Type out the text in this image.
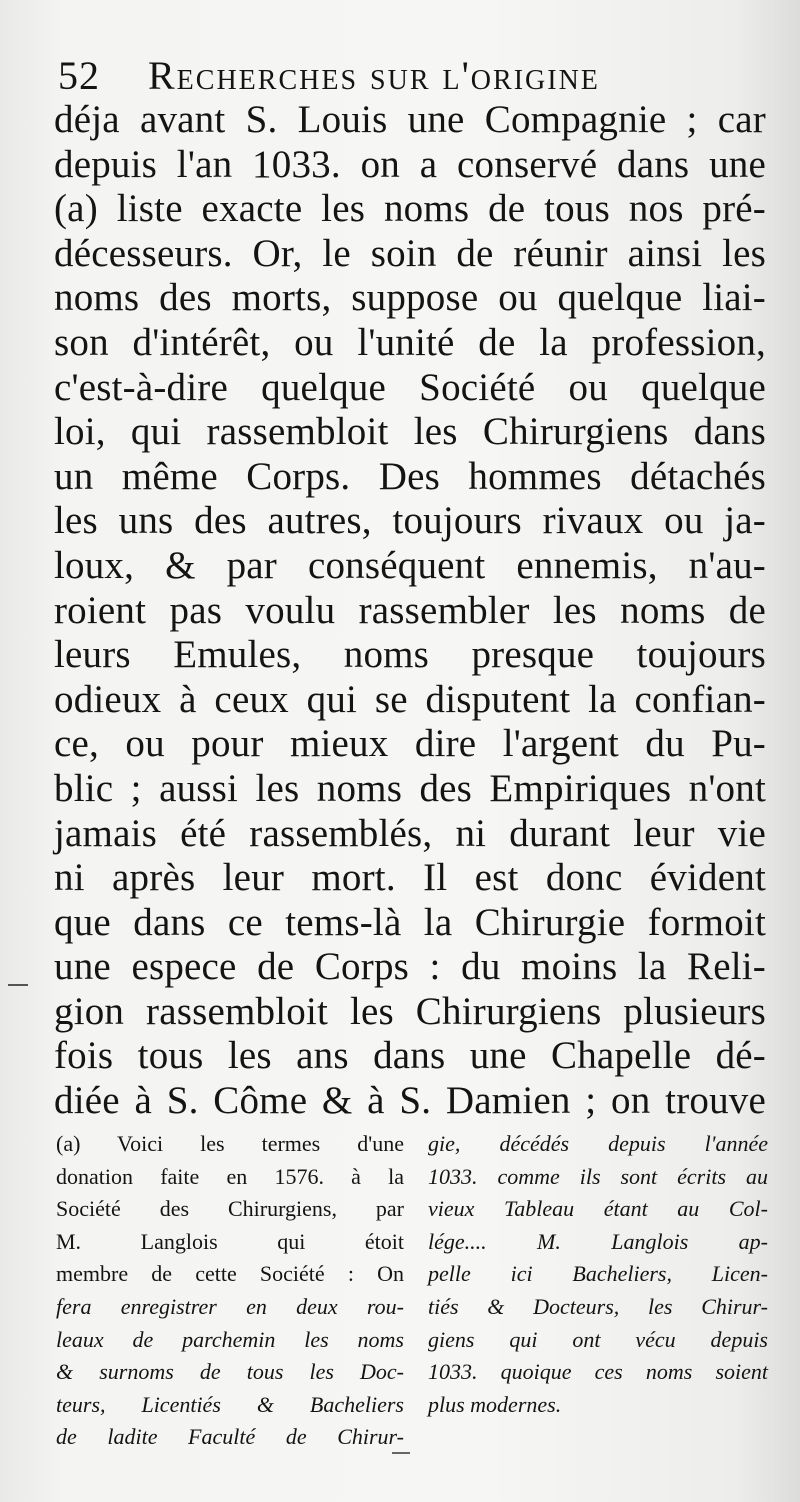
52 Recherches sur l'origine
déja avant S. Louis une Compagnie ; car
depuis l'an 1033. on a conservé dans une
(a) liste exacte les noms de tous nos pré-
décesseurs. Or, le soin de réunir ainsi les
noms des morts, suppose ou quelque liai-
son d'intérêt, ou l'unité de la profession,
c'est-à-dire quelque Société ou quelque
loi, qui rassembloit les Chirurgiens dans
un même Corps. Des hommes détachés
les uns des autres, toujours rivaux ou ja-
loux, & par conséquent ennemis, n'au-
roient pas voulu rassembler les noms de
leurs Emules, noms presque toujours
odieux à ceux qui se disputent la confian-
ce, ou pour mieux dire l'argent du Pu-
blic ; aussi les noms des Empiriques n'ont
jamais été rassemblés, ni durant leur vie
ni après leur mort. Il est donc évident
que dans ce tems-là la Chirurgie formoit
une espece de Corps : du moins la Reli-
gion rassembloit les Chirurgiens plusieurs
fois tous les ans dans une Chapelle dé-
diée à S. Côme & à S. Damien ; on trouve
(a) Voici les termes d'une
donation faite en 1576. à la
Société des Chirurgiens, par
M. Langlois qui étoit
membre de cette Société : On
fera enregistrer en deux rou-
leaux de parchemin les noms
& surnoms de tous les Doc-
teurs, Licentiés & Bacheliers
de ladite Faculté de Chirur-
gie, décédés depuis l'année
1033. comme ils sont écrits au
vieux Tableau étant au Col-
lége.... M. Langlois ap-
pelle ici Bacheliers, Licen-
tiés & Docteurs, les Chirur-
giens qui ont vécu depuis
1033. quoique ces noms soient
plus modernes.
